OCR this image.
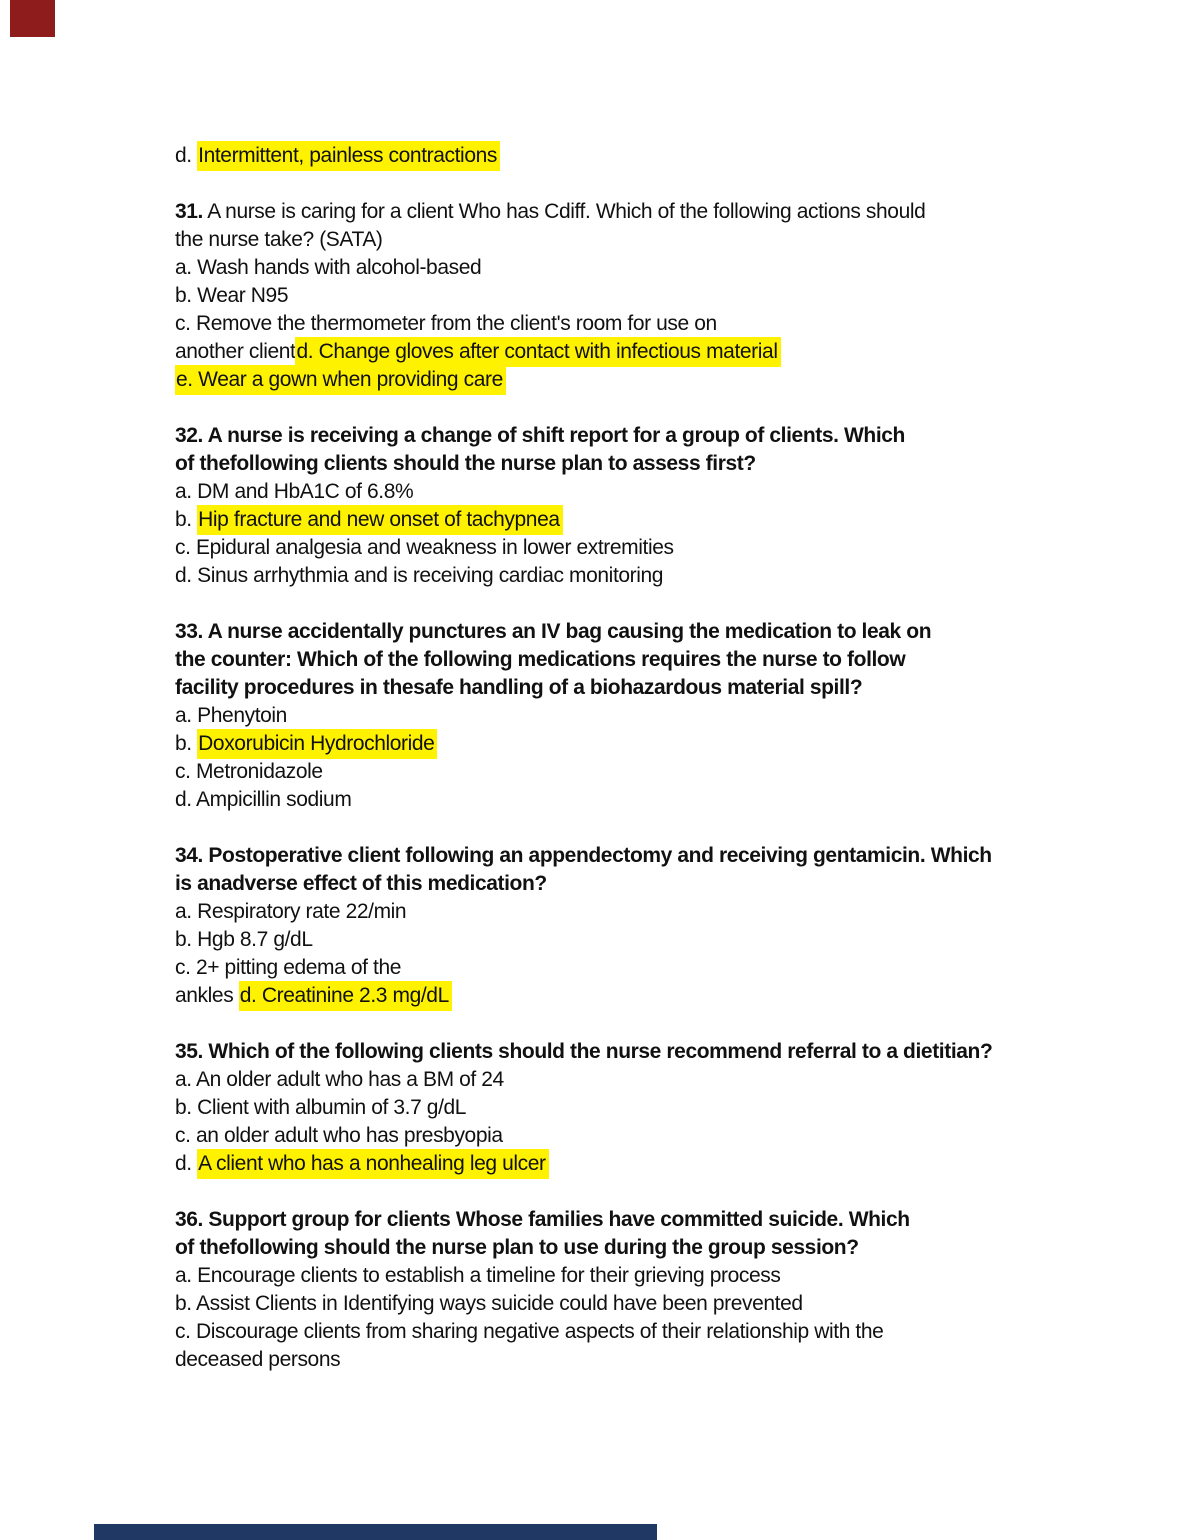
d. Intermittent, painless contractions
31. A nurse is caring for a client Who has Cdiff. Which of the following actions should
the nurse take? (SATA)
a. Wash hands with alcohol-based
b. Wear N95
c. Remove the thermometer from the client's room for use on
another clientd. Change gloves after contact with infectious material
e. Wear a gown when providing care
32. A nurse is receiving a change of shift report for a group of clients. Which
of thefollowing clients should the nurse plan to assess first?
a. DM and HbA1C of 6.8%
b. Hip fracture and new onset of tachypnea
c. Epidural analgesia and weakness in lower extremities
d. Sinus arrhythmia and is receiving cardiac monitoring
33. A nurse accidentally punctures an IV bag causing the medication to leak on
the counter: Which of the following medications requires the nurse to follow
facility procedures in thesafe handling of a biohazardous material spill?
a. Phenytoin
b. Doxorubicin Hydrochloride
c. Metronidazole
d. Ampicillin sodium
34. Postoperative client following an appendectomy and receiving gentamicin. Which
is anadverse effect of this medication?
a. Respiratory rate 22/min
b. Hgb 8.7 g/dL
c. 2+ pitting edema of the
ankles d. Creatinine 2.3 mg/dL
35. Which of the following clients should the nurse recommend referral to a dietitian?
a. An older adult who has a BM of 24
b. Client with albumin of 3.7 g/dL
c. an older adult who has presbyopia
d. A client who has a nonhealing leg ulcer
36. Support group for clients Whose families have committed suicide. Which
of thefollowing should the nurse plan to use during the group session?
a. Encourage clients to establish a timeline for their grieving process
b. Assist Clients in Identifying ways suicide could have been prevented
c. Discourage clients from sharing negative aspects of their relationship with the
deceased persons
